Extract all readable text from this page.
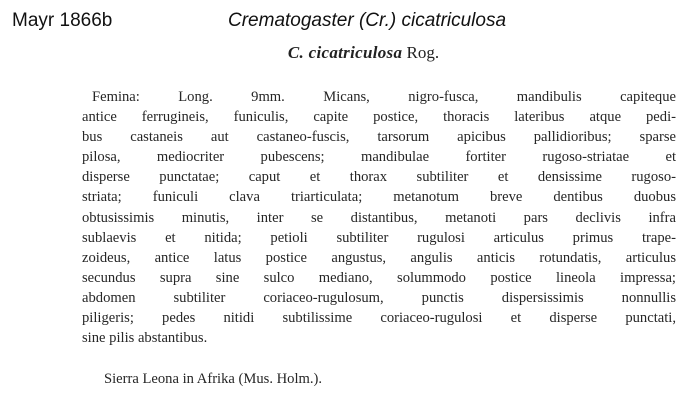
Mayr 1866b	Crematogaster (Cr.) cicatriculosa
C. cicatriculosa Rog.
Femina: Long. 9mm. Micans, nigro-fusca, mandibulis capiteque
antice ferrugineis, funiculis, capite postice, thoracis lateribus atque pedi-
bus castaneis aut castaneo-fuscis, tarsorum apicibus pallidioribus; sparse
pilosa, mediocriter pubescens; mandibulae fortiter rugoso-striatae et
disperse punctatae; caput et thorax subtiliter et densissime rugoso-
striata; funiculi clava triarticulata; metanotum breve dentibus duobus
obtusissimis minutis, inter se distantibus, metanoti pars declivis infra
sublaevis et nitida; petioli subtiliter rugulosi articulus primus trape-
zoideus, antice latus postice angustus, angulis anticis rotundatis, articulus
secundus supra sine sulco mediano, solummodo postice lineola impressa;
abdomen subtiliter coriaceo-rugulosum, punctis dispersissimis nonnullis
piligeris; pedes nitidi subtilissime coriaceo-rugulosi et disperse punctati,
sine pilis abstantibus.
Sierra Leona in Afrika (Mus. Holm.).
